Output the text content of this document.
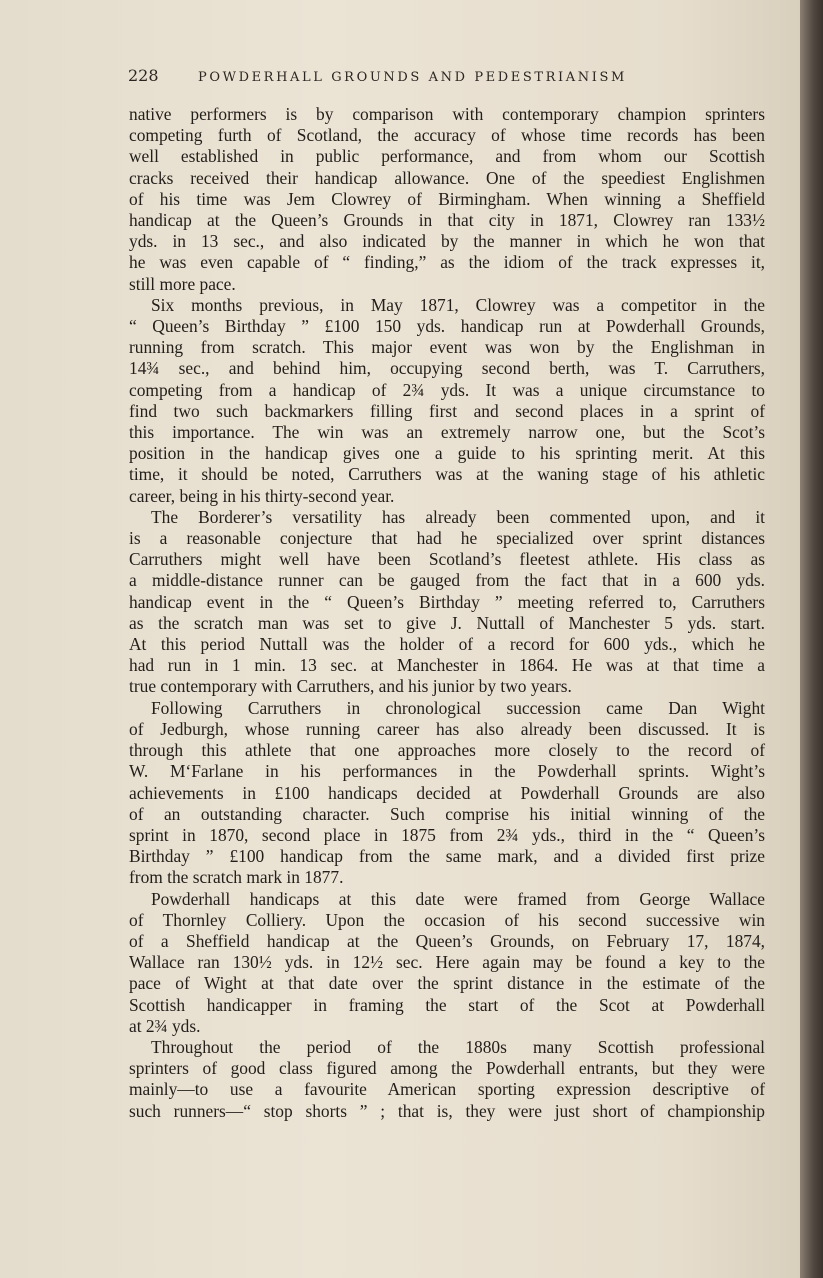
228	POWDERHALL GROUNDS AND PEDESTRIANISM

native performers is by comparison with contemporary champion sprinters
competing furth of Scotland, the accuracy of whose time records has been
well established in public performance, and from whom our Scottish
cracks received their handicap allowance. One of the speediest Englishmen
of his time was Jem Clowrey of Birmingham. When winning a Sheffield
handicap at the Queen’s Grounds in that city in 1871, Clowrey ran 133½
yds. in 13 sec., and also indicated by the manner in which he won that
he was even capable of “ finding,” as the idiom of the track expresses it,
still more pace.

Six months previous, in May 1871, Clowrey was a competitor in the
“ Queen’s Birthday ” £100 150 yds. handicap run at Powderhall Grounds,
running from scratch. This major event was won by the Englishman in
14¾ sec., and behind him, occupying second berth, was T. Carruthers,
competing from a handicap of 2¾ yds. It was a unique circumstance to
find two such backmarkers filling first and second places in a sprint of
this importance. The win was an extremely narrow one, but the Scot’s
position in the handicap gives one a guide to his sprinting merit. At this
time, it should be noted, Carruthers was at the waning stage of his athletic
career, being in his thirty-second year.

The Borderer’s versatility has already been commented upon, and it
is a reasonable conjecture that had he specialized over sprint distances
Carruthers might well have been Scotland’s fleetest athlete. His class as
a middle-distance runner can be gauged from the fact that in a 600 yds.
handicap event in the “ Queen’s Birthday ” meeting referred to, Carruthers
as the scratch man was set to give J. Nuttall of Manchester 5 yds. start.
At this period Nuttall was the holder of a record for 600 yds., which he
had run in 1 min. 13 sec. at Manchester in 1864. He was at that time a
true contemporary with Carruthers, and his junior by two years.

Following Carruthers in chronological succession came Dan Wight
of Jedburgh, whose running career has also already been discussed. It is
through this athlete that one approaches more closely to the record of
W. M‘Farlane in his performances in the Powderhall sprints. Wight’s
achievements in £100 handicaps decided at Powderhall Grounds are also
of an outstanding character. Such comprise his initial winning of the
sprint in 1870, second place in 1875 from 2¾ yds., third in the “ Queen’s
Birthday ” £100 handicap from the same mark, and a divided first prize
from the scratch mark in 1877.

Powderhall handicaps at this date were framed from George Wallace
of Thornley Colliery. Upon the occasion of his second successive win
of a Sheffield handicap at the Queen’s Grounds, on February 17, 1874,
Wallace ran 130½ yds. in 12½ sec. Here again may be found a key to the
pace of Wight at that date over the sprint distance in the estimate of the
Scottish handicapper in framing the start of the Scot at Powderhall
at 2¾ yds.

Throughout the period of the 1880s many Scottish professional
sprinters of good class figured among the Powderhall entrants, but they were
mainly—to use a favourite American sporting expression descriptive of
such runners—“ stop shorts ” ; that is, they were just short of championship
